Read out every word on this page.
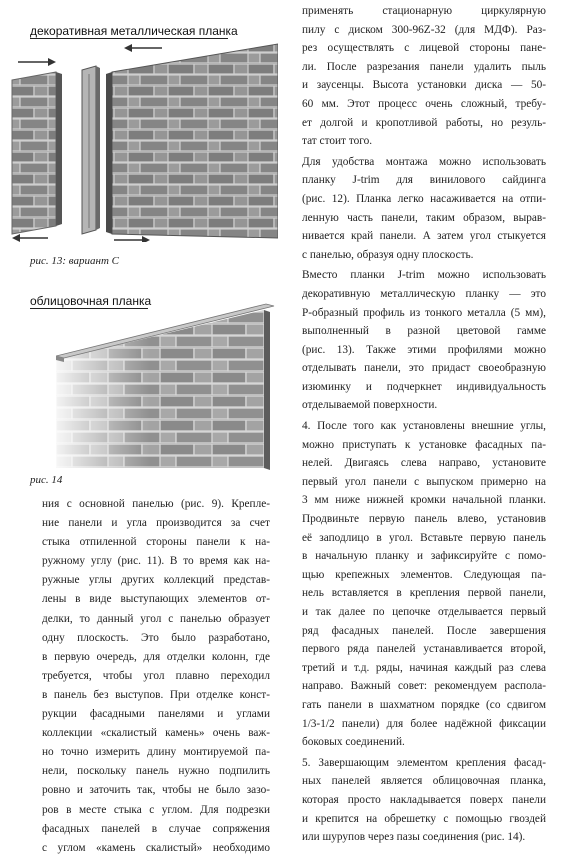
декоративная металлическая планка
рис. 13: вариант С
облицовочная планка
рис. 14

применять стационарную циркулярную
пилу с диском 300-96Z-32 (для МДФ). Раз-
рез осуществлять с лицевой стороны пане-
ли. После разрезания панели удалить пыль
и заусенцы. Высота установки диска — 50-
60 мм. Этот процесс очень сложный, требу-
ет долгой и кропотливой работы, но резуль-
тат стоит того.

Для удобства монтажа можно использовать
планку J-trim для винилового сайдинга
(рис. 12). Планка легко насаживается на отпи-
ленную часть панели, таким образом, вырав-
нивается край панели. А затем угол стыкуется
с панелью, образуя одну плоскость.

Вместо планки J-trim можно использовать
декоративную металлическую планку — это
Р-образный профиль из тонкого металла (5 мм),
выполненный в разной цветовой гамме
(рис. 13). Также этими профилями можно
отделывать панели, это придаст своеобразную
изюминку и подчеркнет индивидуальность
отделываемой поверхности.

4. После того как установлены внешние углы,
можно приступать к установке фасадных па-
нелей. Двигаясь слева направо, установите
первый угол панели с выпуском примерно на
3 мм ниже нижней кромки начальной планки.
Продвиньте первую панель влево, установив
её заподлицо в угол. Вставьте первую панель
в начальную планку и зафиксируйте с помо-
щью крепежных элементов. Следующая па-
нель вставляется в крепления первой панели,
и так далее по цепочке отделывается первый
ряд фасадных панелей. После завершения
первого ряда панелей устанавливается второй,
третий и т.д. ряды, начиная каждый раз слева
направо. Важный совет: рекомендуем распола-
гать панели в шахматном порядке (со сдвигом
1/3-1/2 панели) для более надёжной фиксации
боковых соединений.

5. Завершающим элементом крепления фасад-
ных панелей является облицовочная планка,
которая просто накладывается поверх панели
и крепится на обрешетку с помощью гвоздей
или шурупов через пазы соединения (рис. 14).

ния с основной панелью (рис. 9). Крепле-
ние панели и угла производится за счет
стыка отпиленной стороны панели к на-
ружному углу (рис. 11). В то время как на-
ружные углы других коллекций представ-
лены в виде выступающих элементов от-
делки, то данный угол с панелью образует
одну плоскость. Это было разработано,
в первую очередь, для отделки колонн, где
требуется, чтобы угол плавно переходил
в панель без выступов. При отделке конст-
рукции фасадными панелями и углами
коллекции «скалистый камень» очень важ-
но точно измерить длину монтируемой па-
нели, поскольку панель нужно подпилить
ровно и заточить так, чтобы не было зазо-
ров в месте стыка с углом. Для подрезки
фасадных панелей в случае сопряжения
с углом «камень скалистый» необходимо
